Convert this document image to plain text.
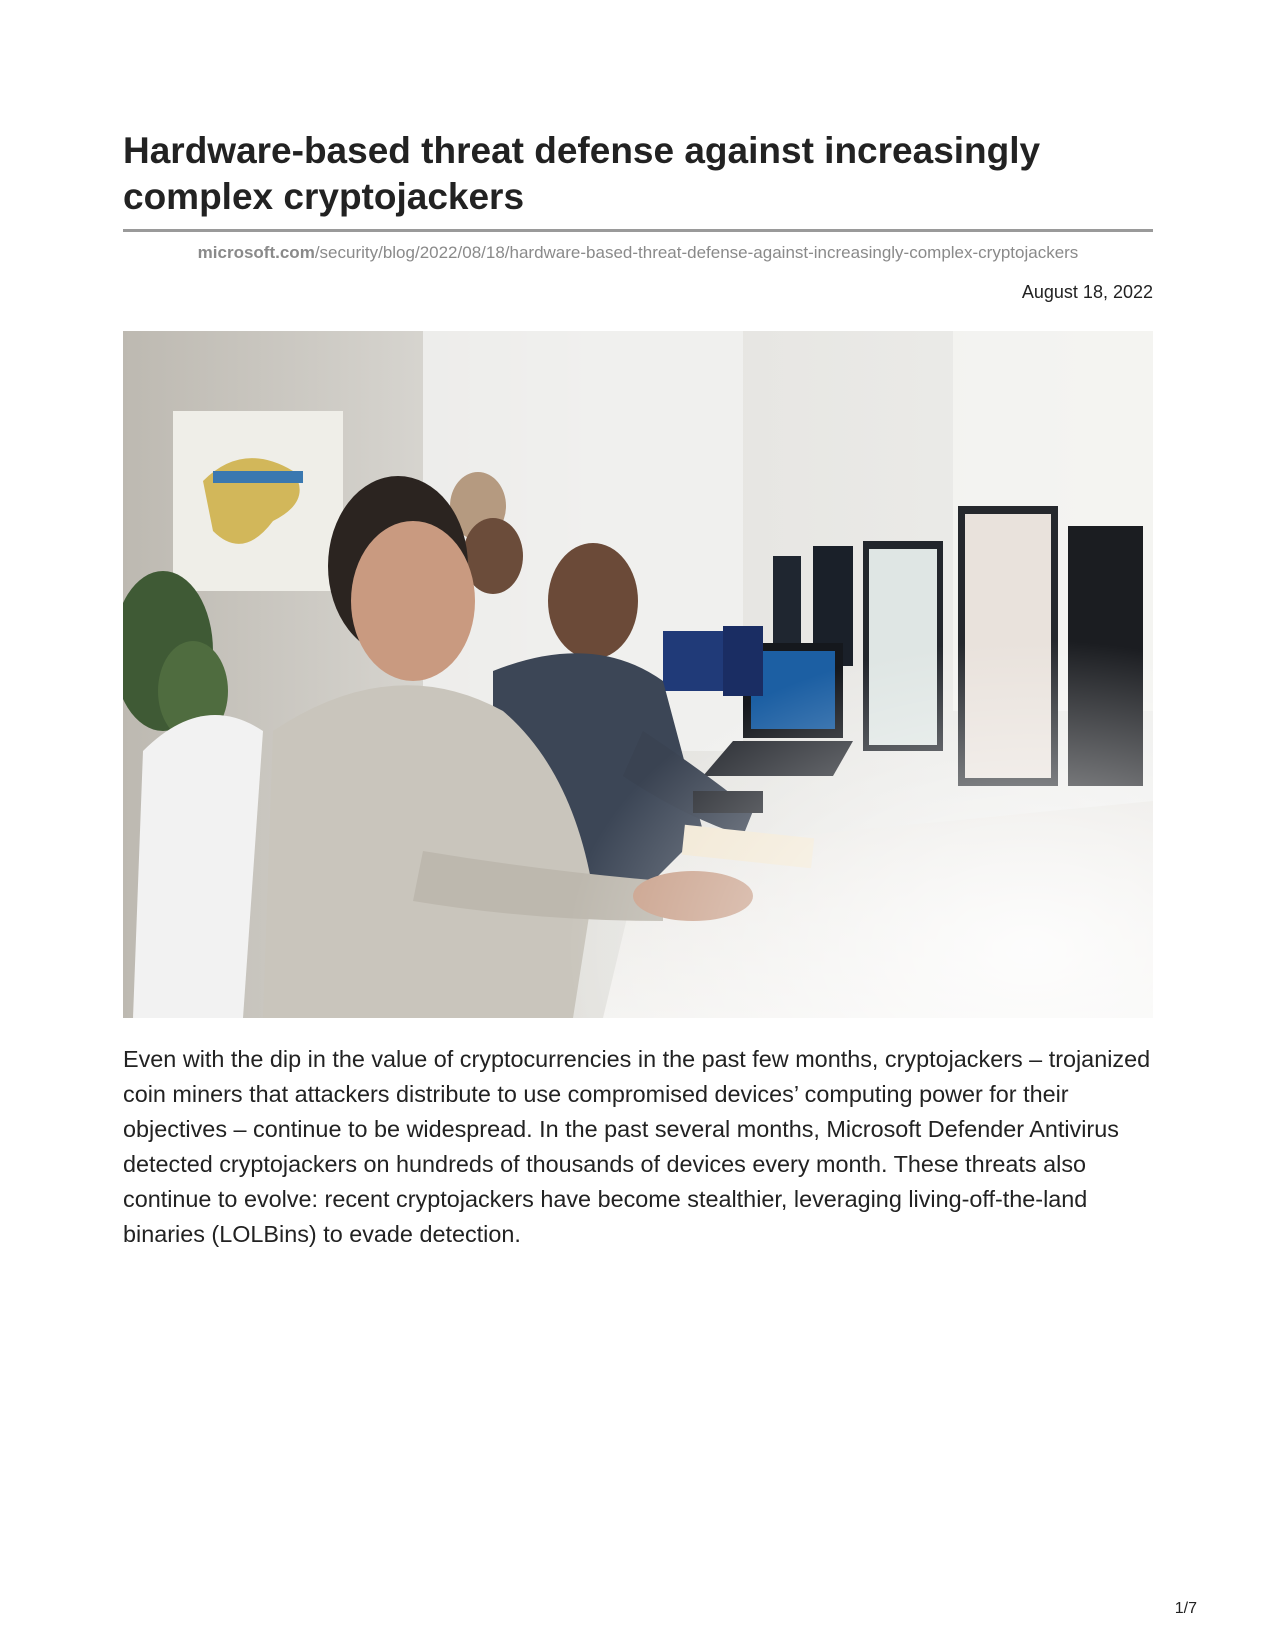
Hardware-based threat defense against increasingly complex cryptojackers
microsoft.com/security/blog/2022/08/18/hardware-based-threat-defense-against-increasingly-complex-cryptojackers
August 18, 2022

Even with the dip in the value of cryptocurrencies in the past few months, cryptojackers – trojanized coin miners that attackers distribute to use compromised devices’ computing power for their objectives – continue to be widespread. In the past several months, Microsoft Defender Antivirus detected cryptojackers on hundreds of thousands of devices every month. These threats also continue to evolve: recent cryptojackers have become stealthier, leveraging living-off-the-land binaries (LOLBins) to evade detection.

1/7
